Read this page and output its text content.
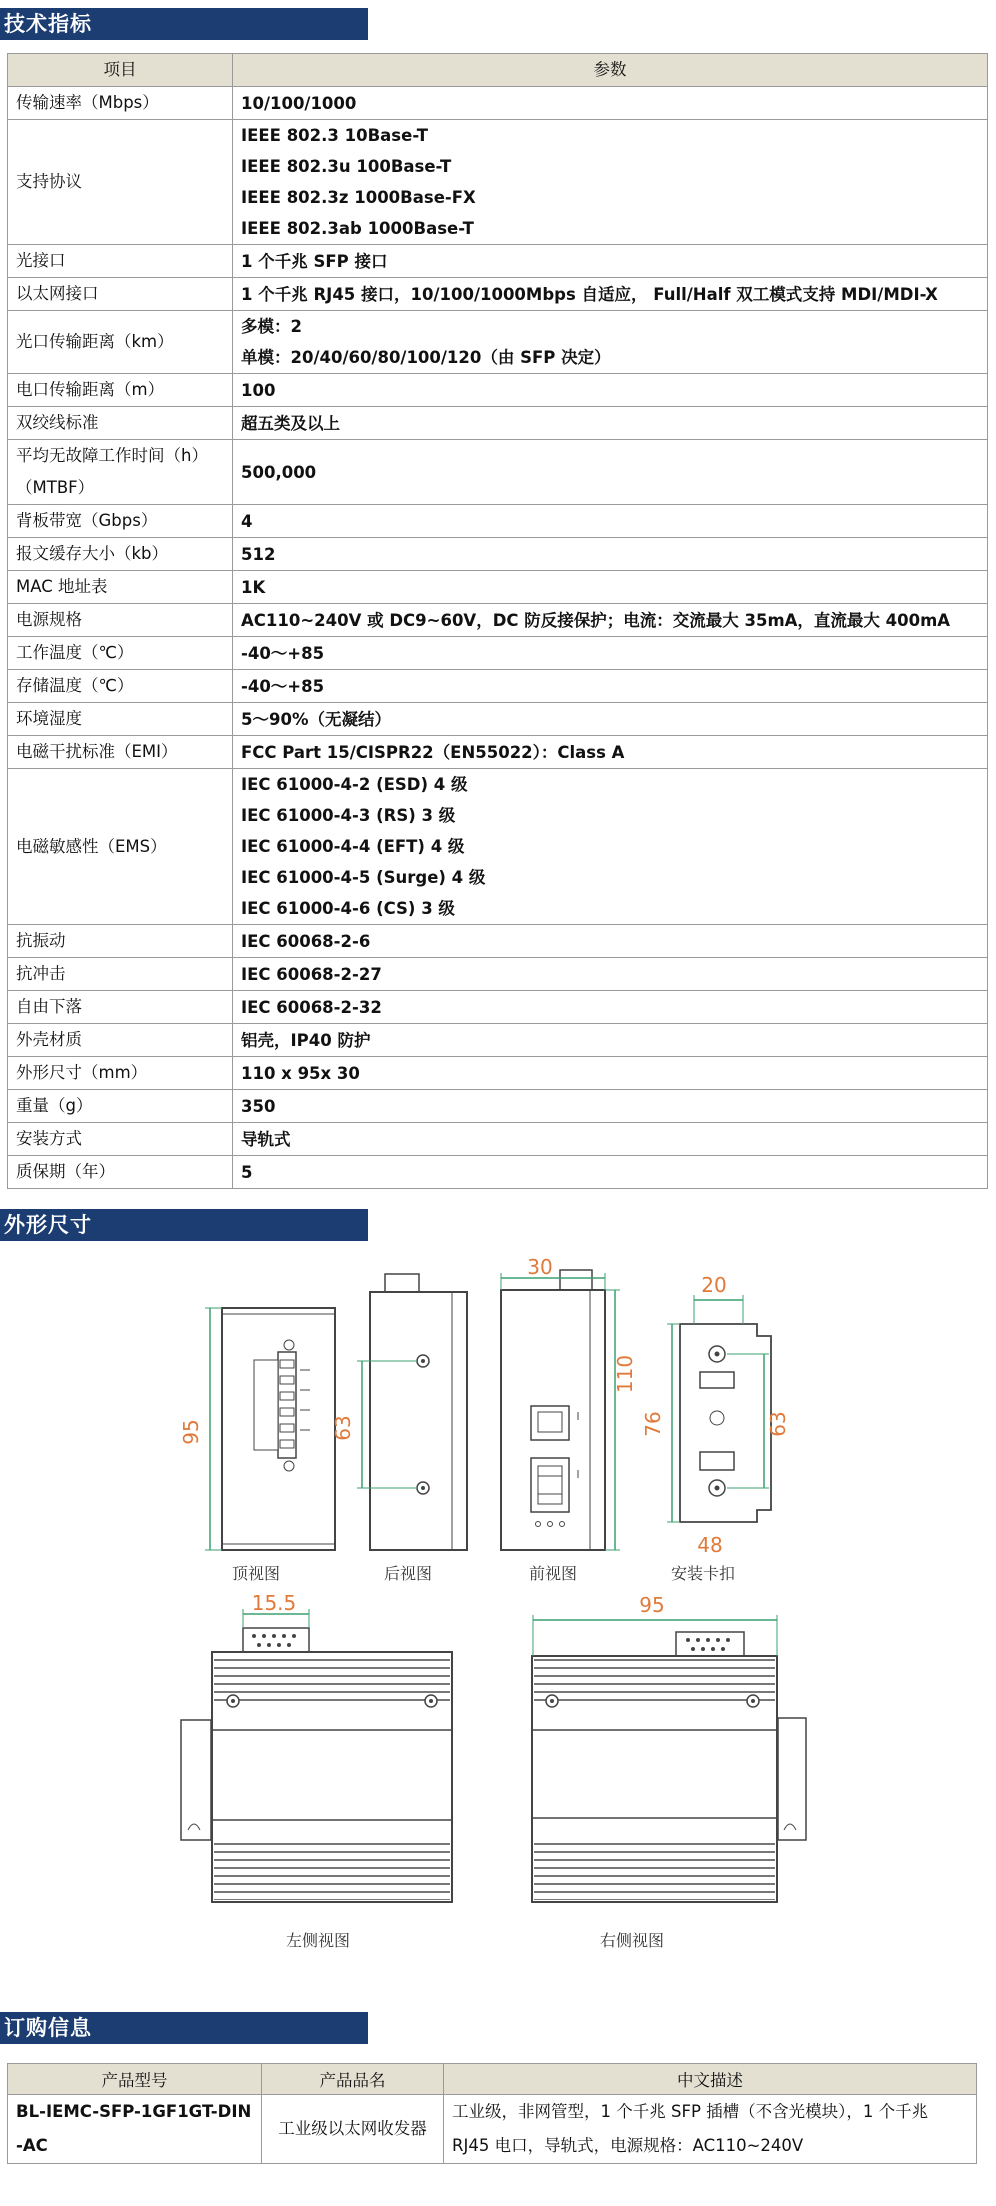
技术指标
项目	参数
传输速率（Mbps）	10/100/1000

支持协议	IEEE 802.3 10Base-T
IEEE 802.3u 100Base-T
IEEE 802.3z 1000Base-FX
IEEE 802.3ab 1000Base-T

光接口	1 个千兆 SFP 接口

以太网接口	1 个千兆 RJ45 接口，10/100/1000Mbps 自适应， Full/Half 双工模式支持 MDI/MDI-X

光口传输距离（km）	多模：2
单模：20/40/60/80/100/120（由 SFP 决定）

电口传输距离（m）	100

双绞线标准	超五类及以上

平均无故障工作时间（h）
（MTBF）	500,000

背板带宽（Gbps）	4

报文缓存大小（kb）	512

MAC 地址表	1K

电源规格	AC110~240V 或 DC9~60V，DC 防反接保护；电流：交流最大 35mA，直流最大 400mA

工作温度（℃）	-40～+85

存储温度（℃）	-40～+85

环境湿度	5～90%（无凝结）

电磁干扰标准（EMI）	FCC Part 15/CISPR22（EN55022）：Class A

电磁敏感性（EMS）	IEC 61000-4-2 (ESD) 4 级
IEC 61000-4-3 (RS) 3 级
IEC 61000-4-4 (EFT) 4 级
IEC 61000-4-5 (Surge) 4 级
IEC 61000-4-6 (CS) 3 级

抗振动	IEC 60068-2-6

抗冲击	IEC 60068-2-27

自由下落	IEC 60068-2-32

外壳材质	铝壳，IP40 防护

外形尺寸（mm）	110 x 95x 30

重量（g）	350

安装方式	导轨式

质保期（年）	5
外形尺寸
95
顶视图
63
后视图
30
110
前视图
20
76	63
48
安装卡扣
15.5
左侧视图
95
右侧视图
订购信息
产品型号	产品品名	中文描述
BL-IEMC-SFP-1GF1GT-DIN
-AC	工业级以太网收发器	工业级，非网管型，1 个千兆 SFP 插槽（不含光模块），1 个千兆 RJ45 电口，导轨式，电源规格：AC110~240V
